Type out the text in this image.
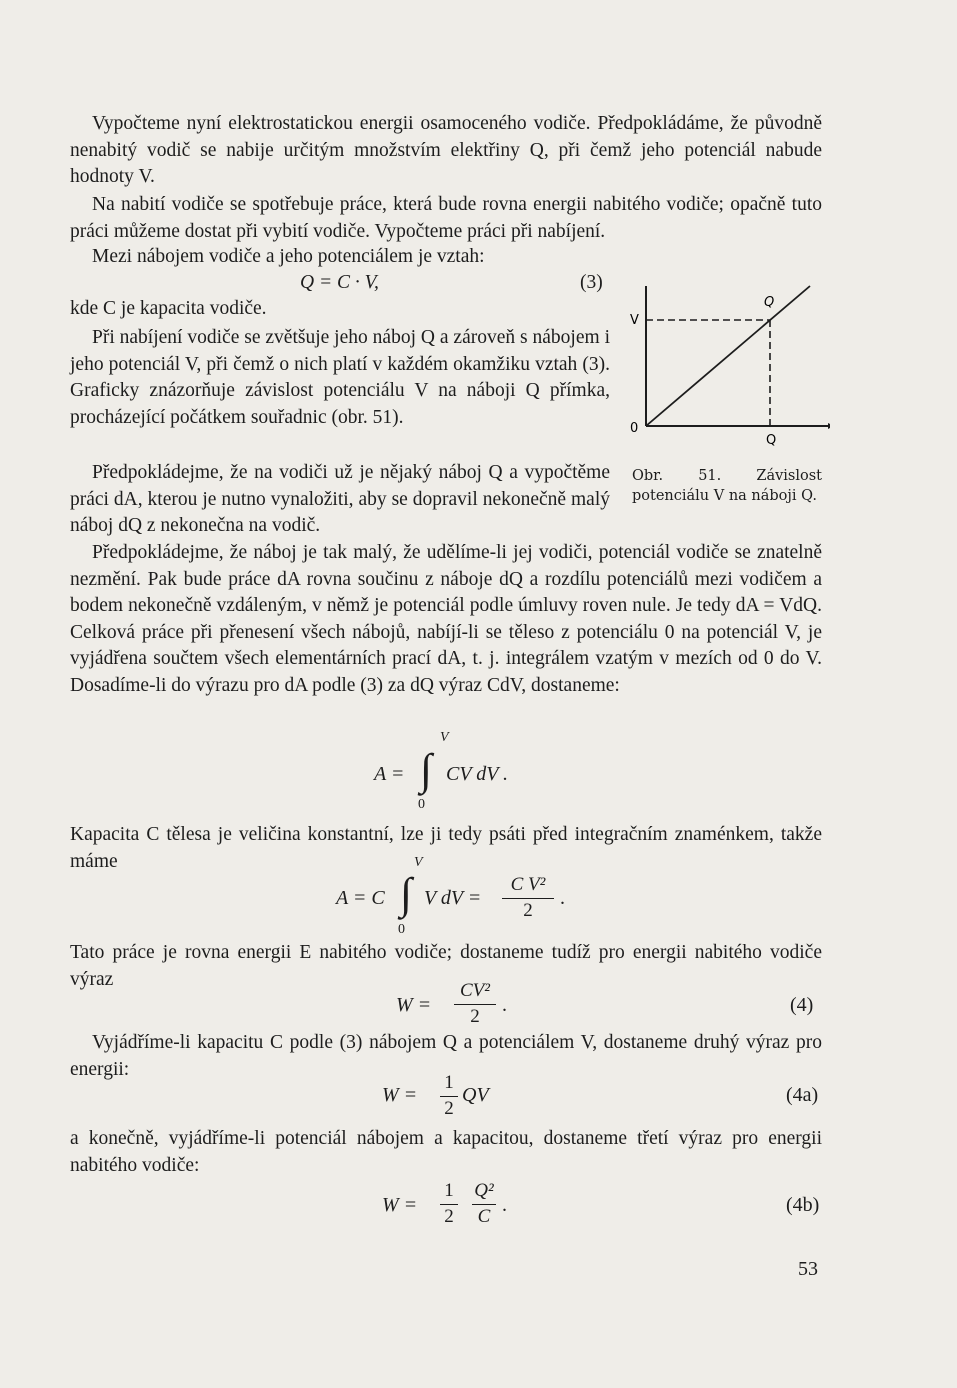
Vypočteme nyní elektrostatickou energii osamoceného vodiče. Předpokládáme, že původně nenabitý vodič se nabije určitým množstvím elektřiny Q, při čemž jeho potenciál nabude hodnoty V.

Na nabití vodiče se spotřebuje práce, která bude rovna energii nabitého vodiče; opačně tuto práci můžeme dostat při vybití vodiče. Vypočteme práci při nabíjení.

Mezi nábojem vodiče a jeho potenciálem je vztah:
Q = C · V,	(3)
kde C je kapacita vodiče.

Při nabíjení vodiče se zvětšuje jeho náboj Q a zároveň s nábojem i jeho potenciál V, při čemž o nich platí v každém okamžiku vztah (3). Graficky znázorňuje závislost potenciálu V na náboji Q přímka, procházející počátkem souřadnic (obr. 51).

Předpokládejme, že na vodiči už je nějaký náboj Q a vypočtěme práci dA, kterou je nutno vynaložiti, aby se dopravil nekonečně malý náboj dQ z nekonečna na vodič.

V
0
Q
Q
Obr. 51. Závislost potenciálu V na náboji Q.

Předpokládejme, že náboj je tak malý, že udělíme-li jej vodiči, potenciál vodiče se znatelně nezmění. Pak bude práce dA rovna součinu z náboje dQ a rozdílu potenciálů mezi vodičem a bodem nekonečně vzdáleným, v němž je potenciál podle úmluvy roven nule. Je tedy dA = VdQ. Celková práce při přenesení všech nábojů, nabíjí-li se těleso z potenciálu 0 na potenciál V, je vyjádřena součtem všech elementárních prací dA, t. j. integrálem vzatým v mezích od 0 do V. Dosadíme-li do výrazu pro dA podle (3) za dQ výraz CdV, dostaneme:

A = ∫
V
0
CV dV .

Kapacita C tělesa je veličina konstantní, lze ji tedy psáti před integračním znaménkem, takže máme

A = C ∫
V
0
V dV =
C V²
2
.

Tato práce je rovna energii E nabitého vodiče; dostaneme tudíž pro energii nabitého vodiče výraz

W =
CV²
2
.	(4)

Vyjádříme-li kapacitu C podle (3) nábojem Q a potenciálem V, dostaneme druhý výraz pro energii:

W =
1
2
QV	(4a)

a konečně, vyjádříme-li potenciál nábojem a kapacitou, dostaneme třetí výraz pro energii nabitého vodiče:

W =
1
2
Q²
C
.	(4b)
53
